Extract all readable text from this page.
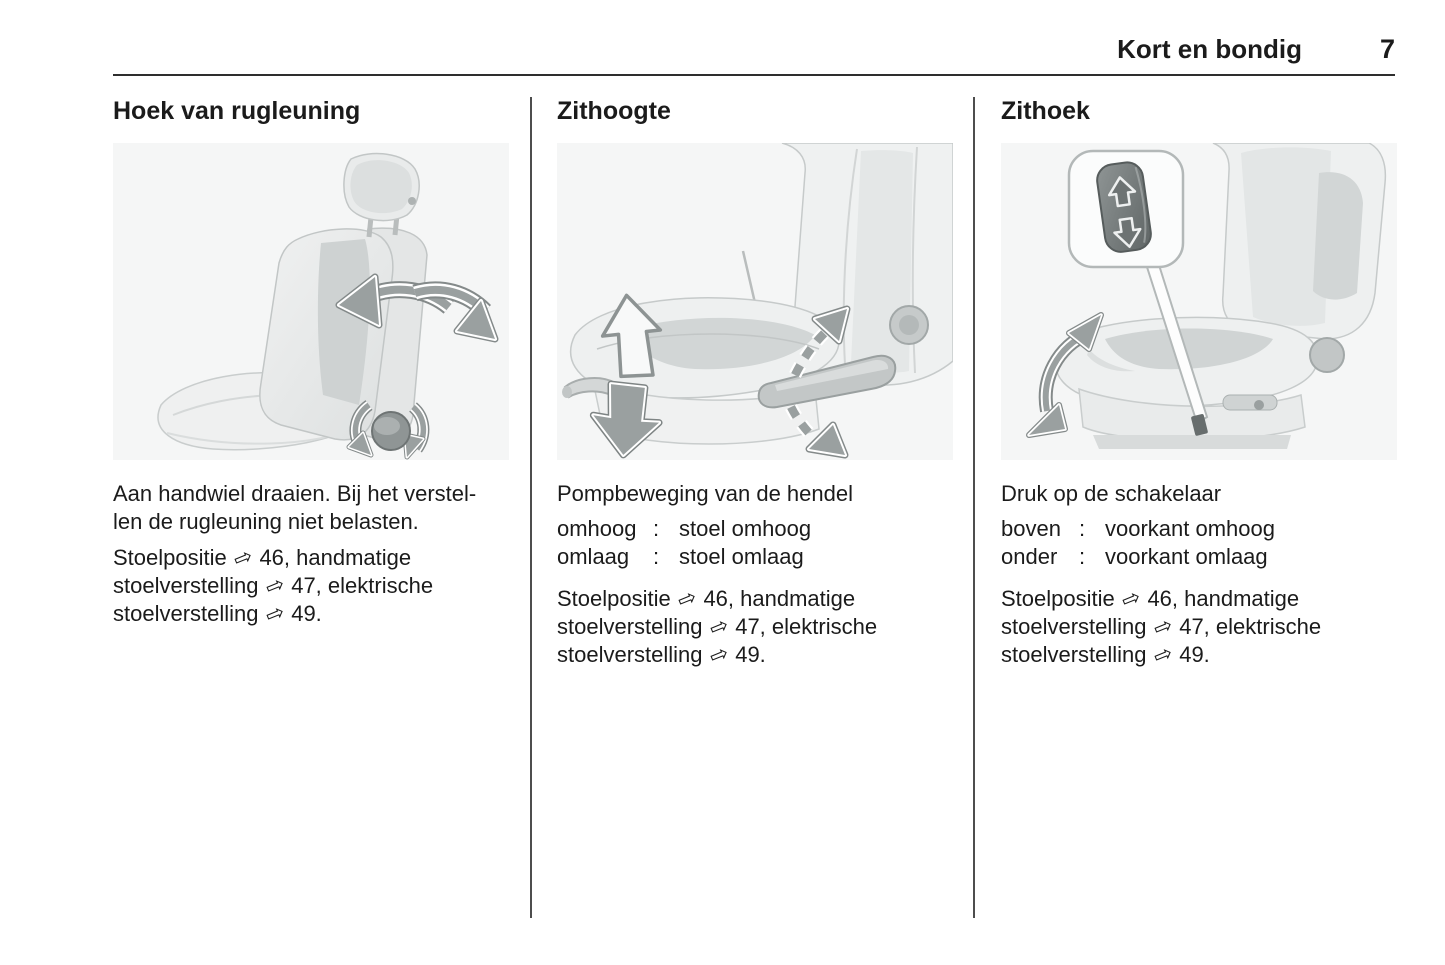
Kort en bondig	7
Hoek van rugleuning

Aan handwiel draaien. Bij het verstel-
len de rugleuning niet belasten.

Stoelpositie ⇨ 46, handmatige stoelverstelling ⇨ 47, elektrische stoelverstelling ⇨ 49.

Zithoogte

Pompbeweging van de hendel

omhoog : stoel omhoog
omlaag	: stoel omlaag

Stoelpositie ⇨ 46, handmatige stoelverstelling ⇨ 47, elektrische stoelverstelling ⇨ 49.

Zithoek

Druk op de schakelaar

boven : voorkant omhoog
onder : voorkant omlaag

Stoelpositie ⇨ 46, handmatige stoelverstelling ⇨ 47, elektrische stoelverstelling ⇨ 49.
